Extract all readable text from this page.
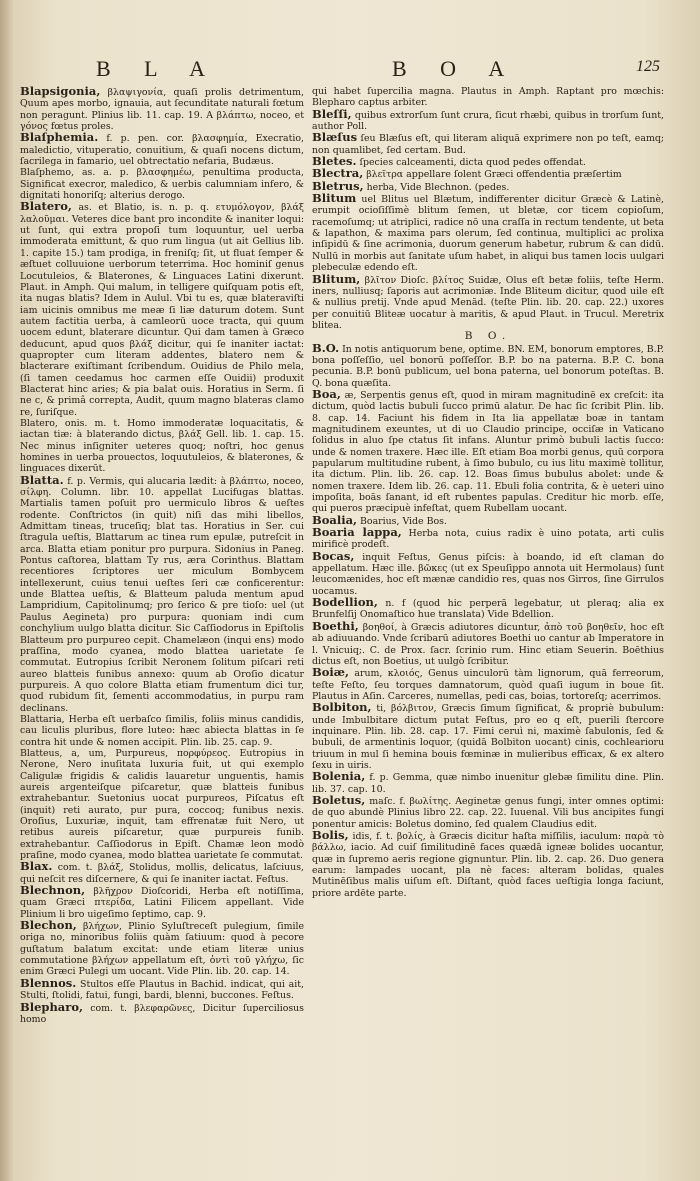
B L A	B O A	125

Blapsigonia, βλαψιγονία, quaſi prolis detrimentum, Quum apes morbo, ignauia, aut ſecunditate naturali fœtum non peragunt. Plinius lib. 11. cap. 19. A βλάπτω, noceo, et γόνος fœtus proles.

Blaſphemia. f. p. pen. cor. βλασφημία, Execratio, maledictio, vituperatio, conuitium, & quaſi nocens dictum, ſacrilega in famario, uel obtrectatio nefaria, Budæus.

Blaſphemo, as. a. p. βλασφημέω, penultima producta, Significat execror, maledico, & uerbis calumniam infero, & dignitati honoriſq; alterius derogo.

Blatero, as. et Blatio, is. n. p. q. ετυμόλογον, βλάξ λαλοῦμαι. Veteres dice bant pro incondite & inaniter loqui: ut ſunt, qui extra propoſi tum loquuntur, uel uerba immoderata emittunt, & quo rum lingua (ut ait Gellius lib. 1. capite 15.) tam prodiga, in freniſq; ſit, ut fluat ſemper & æſtuet colluuione uerborum teterrima. Hoc hominiſ genus Locutuleios, & Blaterones, & Linguaces Latini dixerunt. Plaut. in Amph. Qui malum, in telligere quiſquam potis eſt, ita nugas blatis? Idem in Aulul. Vbi tu es, quæ blateraviſti iam uicinis omnibus me meæ ſi liæ daturum dotem. Sunt autem factitia uerba, à camleorū uoce tracta, qui quum uocem edunt, blaterare dicuntur. Qui dam tamen à Græco deducunt, apud quos βλάξ dicitur, qui ſe inaniter iactat: quapropter cum literam addentes, blatero nem & blacterare exiſtimant ſcribendum. Ouidius de Philo mela, (ſi tamen ceedamus hoc carmen eſſe Ouidii) produxit Blacterat hinc aries; & pia balat ouis. Horatius in Serm. ſi ne c, & primâ correpta, Audit, quum magno blateras clamo re, ſuriſque.

Blatero, onis. m. t. Homo immoderatæ loquacitatis, & iactan tiæ: à blaterando dictus, βλάξ Gell. lib. 1. cap. 15. Nec minus inſigniter ueteres quoq; noſtri, hoc genus homines in uerba prouectos, loquutuleios, & blaterones, & linguaces dixerūt.

Blatta. f. p. Vermis, qui alucaria lædit: à βλάπτω, noceo, σίλφη. Column. libr. 10. appellat Lucifugas blattas. Martialis tamen poſuit pro uermiculo libros & ueſtes rodente. Conſtrictos (in quit) niſi das mihi libellos, Admittam tineas, truceſiq; blat tas. Horatius in Ser. cui ſtragula ueſtis, Blattarum ac tinea rum epulæ, putreſcit in arca. Blatta etiam ponitur pro purpura. Sidonius in Paneg. Pontus caſtorea, blattam Ty rus, æra Corinthus. Blattam recentiores ſcriptores uer miculum Bombycem intellexerunt, cuius tenui ueſtes ſeri cæ conficerentur: unde Blattea ueſtis, & Blatteum paluda mentum apud Lampridium, Capitolinumq; pro ſerico & pre tioſo: uel (ut Paulus Aegineta) pro purpura: quoniam indi cum conchylium uulgo blatta dicitur. Sic Caſſiodorus in Epiſtolis Blatteum pro purpureo cepit. Chamelæon (inqui ens) modo praſſina, modo cyanea, modo blattea uarietate ſe commutat. Eutropius ſcribit Neronem ſolitum piſcari reti aureo blatteis funibus annexo: quum ab Oroſio dicatur purpureis. A quo colore Blatta etiam frumentum dici tur, quod rubidum ſit, ſementi accommodatius, in purpu ram declinans.

Blattaria, Herba eſt uerbaſco ſimilis, foliis minus candidis, cau liculis pluribus, flore luteo: hæc abiecta blattas in ſe contra hit unde & nomen accipit. Plin. lib. 25. cap. 9.

Blatteus, a, um, Purpureus, πορφύρεος. Eutropius in Nerone, Nero inuſitata luxuria fuit, ut qui exemplo Caligulæ frigidis & calidis lauaretur unguentis, hamis aureis argenteiſque piſcaretur, quæ blatteis funibus extrahebantur. Suetonius uocat purpureos, Piſcatus eſt (inquit) reti aurato, pur pura, coccoq; funibus nexis. Oroſius, Luxuriæ, inquit, tam effrenatæ fuit Nero, ut retibus aureis piſcaretur, quæ purpureis funib. extrahebantur. Caſſiodorus in Epiſt. Chamæ leon modò praſine, modo cyanea, modo blattea uarietate ſe commutat.

Blax. com. t. βλάξ, Stolidus, mollis, delicatus, laſciuus, qui neſcit res diſcernere, & qui ſe inaniter iactat. Feſtus.

Blechnon, βλῆχρον Dioſcoridi, Herba eſt notiſſima, quam Græci πτερίδα, Latini Filicem appellant. Vide Plinium li bro uigeſimo ſeptimo, cap. 9.

Blechon, βλήχων, Plinio Syluſtreceſt pulegium, ſimile origa no, minoribus foliis quàm ſatiuum: quod à pecore guſtatum balatum excitat: unde etiam literæ unius commutatione βλήχων appellatum eſt, ὀντὶ τοῦ γλήχω, ſic enim Græci Pulegi um uocant. Vide Plin. lib. 20. cap. 14.

Blennos. Stultos eſſe Plautus in Bachid. indicat, qui ait, Stulti, ſtolidi, fatui, fungi, bardi, blenni, buccones. Feſtus.

Blepharo, com. t. βλεφαρῶνες, Dicitur ſuperciliosus homo

qui habet ſupercilia magna. Plautus in Amph. Raptant pro mœchis: Blepharo captus arbiter.

Bleſſi, quibus extrorſum ſunt crura, ſicut rhæbi, quibus in trorſum ſunt, author Poll.

Blæſus ſeu Blæſus eſt, qui literam aliquā exprimere non po teſt, eamq; non quamlibet, ſed certam. Bud.

Bletes. ſpecies calceamenti, dicta quod pedes offendat.

Blectra, βλεῖτρα appellare ſolent Græci offendentia præſertim

Bletrus, herba, Vide Blechnon. (pedes.

Blitum uel Blitus uel Blætum, indifferenter dicitur Græcè & Latinè, erumpit ocioſiſſimè blitum ſemen, ut bletæ, cor ticem copioſum, racemoſumq; ut atriplici, radice nō una craſſa in rectum tendente, ut beta & lapathon, & maxima pars olerum, ſed continua, multiplici ac prolixa inſipidū & ſine acrimonia, duorum generum habetur, rubrum & can didū. Nullū in morbis aut ſanitate uſum habet, in aliqui bus tamen locis uulgari plebeculæ edendo eſt.

Blitum, βλῖτον Dioſc. βλίτος Suidæ, Olus eſt betæ foliis, teſte Herm. iners, nulliusq; ſaporis aut acrimoniæ. Inde Bliteum dicitur, quod uile eſt & nullius pretij. Vnde apud Menād. (teſte Plin. lib. 20. cap. 22.) uxores per conuitiū Bliteæ uocatur à maritis, & apud Plaut. in Trucul. Meretrix blitea.

B O.

B.O. In notis antiquorum bene, optime. BN. EM, bonorum emptores, B.P. bona poſſeſſio, uel bonorū poſſeſſor. B.P. bo na paterna. B.P. C. bona pecunia. B.P. bonū publicum, uel bona paterna, uel bonorum poteſtas. B. Q. bona quæſita.

Boa, æ, Serpentis genus eſt, quod in miram magnitudinē ex creſcit: ita dictum, quòd lactis bubuli ſucco primū alatur. De hac ſic ſcribit Plin. lib. 8. cap. 14. Faciunt his fidem in Ita lia appellatæ boæ in tantam magnitudinem exeuntes, ut di uo Claudio principe, occiſæ in Vaticano ſolidus in aluo ſpe ctatus ſit infans. Aluntur primò bubuli lactis ſucco: unde & nomen traxere. Hæc ille. Eſt etiam Boa morbi genus, quū corpora papularum multitudine rubent, à ſimo bubulo, cu ius litu maximè tollitur, ita dictum. Plin. lib. 26. cap. 12. Boas ſimus bubulus abolet: unde & nomen traxere. Idem lib. 26. cap. 11. Ebuli folia contrita, & è ueteri uino impoſita, boās ſanant, id eſt rubentes papulas. Creditur hic morb. eſſe, qui pueros præcipuè infeſtat, quem Rubellam uocant.

Boalia, Boarius, Vide Bos.

Boaria lappa, Herba nota, cuius radix è uino potata, arti culis mirificè prodeſt.

Bocas, inquit Feſtus, Genus piſcis: à boando, id eſt claman do appellatum. Hæc ille. βῶκες (ut ex Speuſippo annota uit Hermolaus) ſunt leucomænides, hoc eſt mænæ candidio res, quas nos Girros, ſine Girrulos uocamus.

Bodellion, n. f (quod hic perperā legebatur, ut pleraq; alia ex Brunfelſij Onomaſtico hue translata) Vide Bdellion.

Boethi, βοηθοί, à Græcis adiutores dicuntur, ἀπὸ τοῦ βοηθεῖν, hoc eſt ab adiuuando. Vnde ſcribarū adiutores Boethi uo cantur ab Imperatore in l. Vnicuiq;. C. de Prox. ſacr. ſcrinio rum. Hinc etiam Seuerin. Boēthius dictus eſt, non Boetius, ut uulgò ſcribitur.

Boiæ, arum, κλοιός, Genus uinculorū tàm lignorum, quā ferreorum, teſte Feſto, ſeu torques damnatorum, quòd quaſi iugum in boue ſit. Plautus in Aſin. Carceres, numellas, pedi cas, boias, tortoreſq; acerrimos.

Bolbiton, ti, βόλβιτον, Græcis ſimum ſignificat, & propriè bubulum: unde Imbulbitare dictum putat Feſtus, pro eo q eſt, puerili ſtercore inquinare. Plin. lib. 28. cap. 17. Fimi ceruì ni, maximè ſabulonis, ſed & bubuli, de armentinis loquor, (quidā Bolbiton uocant) cinis, cochlearioru triuum in mul ſi hemina bouis fœminæ in mulieribus efficax, & ex altero ſexu in uiris.

Bolenia, f. p. Gemma, quæ nimbo inuenitur glebæ ſimilitu dine. Plin. lib. 37. cap. 10.

Boletus, maſc. f. βωλίτης. Aeginetæ genus fungi, inter omnes optimi: de quo abundè Plinius libro 22. cap. 22. Iuuenal. Vili bus ancipites fungi ponentur amicis: Boletus domino, ſed qualem Claudius edit.

Bolis, idis, f. t. βολίς, à Græcis dicitur haſta miſſilis, iaculum: παρὰ τὸ βάλλω, iacio. Ad cuiſ ſimilitudinē faces quædā igneæ bolides uocantur, quæ in ſupremo aeris regione gignuntur. Plin. lib. 2. cap. 26. Duo genera earum: lampades uocant, pla nè faces: alteram bolidas, quales Mutinēſibus malis uiſum eſt. Diſtant, quòd faces ueſtigia longa faciunt, priore ardēte parte.
